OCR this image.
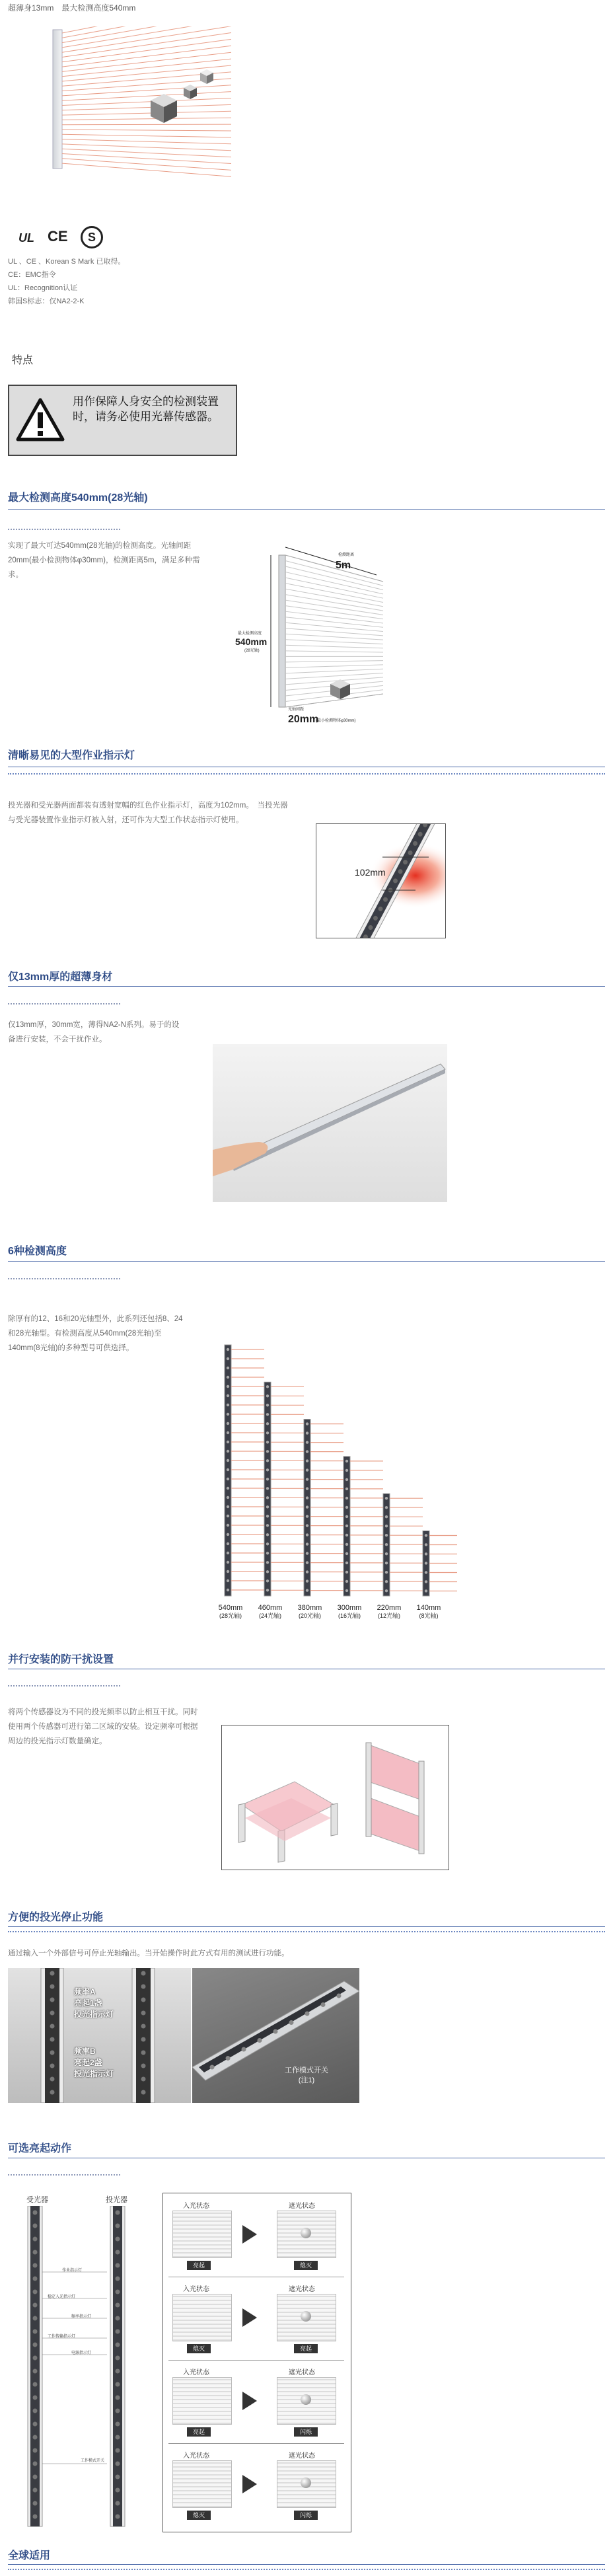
超薄身13mm　最大检测高度540mm
UL CE	S
UL 、CE 、Korean S Mark 已取得。
CE：EMC指令
UL：Recognition认证
韩国S标志：仅NA2-2-K
特点
用作保障人身安全的检测装置时，请务必使用光幕传感器。
最大检测高度540mm(28光轴)
实现了最大可达540mm(28光轴)的检测高度。光轴间距20mm(最小检测物体φ30mm)，检测距离5m，满足多种需求。
检测距离
5m
最大检测高度
540mm
(28光轴)
光轴间距
20mm
(最小检测物体φ30mm)
清晰易见的大型作业指示灯
投光器和受光器两面都装有透射宽幅的红色作业指示灯，高度为102mm。　当投光器与受光器装置作业指示灯被入射，还可作为大型工作状态指示灯使用。
102mm
仅13mm厚的超薄身材
仅13mm厚，30mm宽，薄得NA2-N系列。易于的设备进行安装，不会干扰作业。
6种检测高度
除厚有的12、16和20光轴型外，此系列还包括8、24和28光轴型。有检测高度从540mm(28光轴)至140mm(8光轴)的多种型号可供选择。
540mm
(28光轴)
460mm
(24光轴)
380mm
(20光轴)
300mm
(16光轴)
220mm
(12光轴)
140mm
(8光轴)
并行安装的防干扰设置
将两个传感器设为不同的投光频率以防止相互干扰。同时使用两个传感器可进行第二区域的安装。设定频率可根据周边的投光指示灯数量确定。
方便的投光停止功能
通过输入一个外部信号可停止光轴输出。当开始操作时此方式有用的测试进行功能。
频率A
亮起1盏
投光指示灯
频率B
亮起2盏
投光指示灯	工作模式开关
(注1)
可选亮起动作
受光器	投光器
作业指示灯
稳定入光指示灯
频率指示灯
工作传输指示灯
电源指示灯
工作模式开关
入光状态	遮光状态
亮起	熄灭
入光状态	遮光状态
熄灭	亮起
入光状态	遮光状态
亮起	闪烁
入光状态	遮光状态
熄灭	闪烁
全球适用
